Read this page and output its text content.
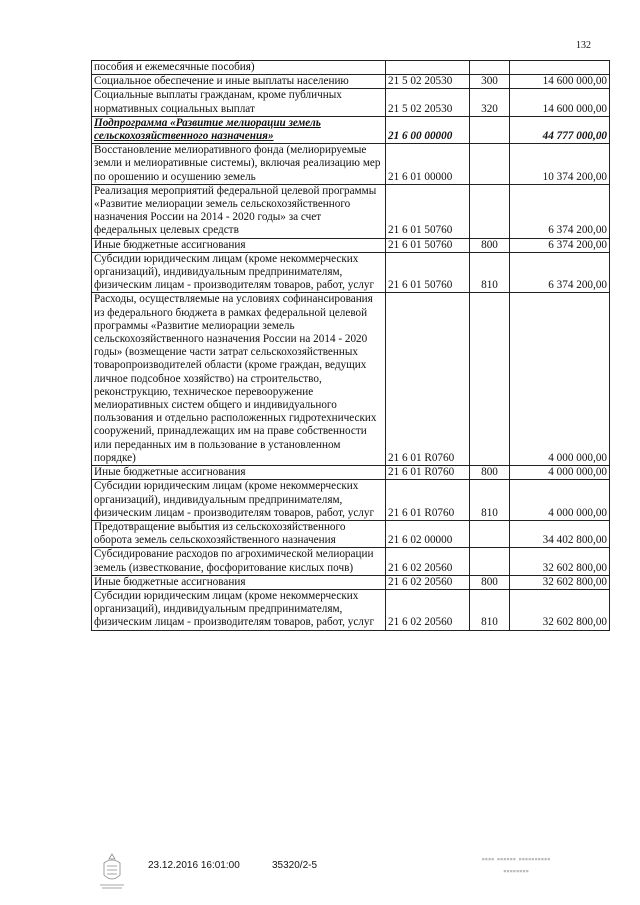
132
пособия и ежемесячные пособия)			
Социальное обеспечение и иные выплаты населению	21 5 02 20530	300	14 600 000,00
Социальные выплаты гражданам, кроме публичных нормативных социальных выплат	21 5 02 20530	320	14 600 000,00
Подпрограмма «Развитие мелиорации земель сельскохозяйственного назначения»	21 6 00 00000		44 777 000,00
Восстановление мелиоративного фонда (мелиорируемые земли и мелиоративные системы), включая реализацию мер по орошению и осушению земель	21 6 01 00000		10 374 200,00
Реализация мероприятий федеральной целевой программы «Развитие мелиорации земель сельскохозяйственного назначения России на 2014 - 2020 годы» за счет федеральных целевых средств	21 6 01 50760		6 374 200,00
Иные бюджетные ассигнования	21 6 01 50760	800	6 374 200,00
Субсидии юридическим лицам (кроме некоммерческих организаций), индивидуальным предпринимателям, физическим лицам - производителям товаров, работ, услуг	21 6 01 50760	810	6 374 200,00
Расходы, осуществляемые на условиях софинансирования из федерального бюджета в рамках федеральной целевой программы «Развитие мелиорации земель сельскохозяйственного назначения России на 2014 - 2020 годы» (возмещение части затрат сельскохозяйственных товаропроизводителей области (кроме граждан, ведущих личное подсобное хозяйство) на строительство, реконструкцию, техническое перевооружение мелиоративных систем общего и индивидуального пользования и отдельно расположенных гидротехнических сооружений, принадлежащих им на праве собственности или переданных им в пользование в установленном порядке)	21 6 01 R0760		4 000 000,00
Иные бюджетные ассигнования	21 6 01 R0760	800	4 000 000,00
Субсидии юридическим лицам (кроме некоммерческих организаций), индивидуальным предпринимателям, физическим лицам - производителям товаров, работ, услуг	21 6 01 R0760	810	4 000 000,00
Предотвращение выбытия из сельскохозяйственного оборота земель сельскохозяйственного назначения	21 6 02 00000		34 402 800,00
Субсидирование расходов по агрохимической мелиорации земель (известкование, фосфоритование кислых почв)	21 6 02 20560		32 602 800,00
Иные бюджетные ассигнования	21 6 02 20560	800	32 602 800,00
Субсидии юридическим лицам (кроме некоммерческих организаций), индивидуальным предпринимателям, физическим лицам - производителям товаров, работ, услуг	21 6 02 20560	810	32 602 800,00
23.12.2016 16:01:00	35320/2-5
▪▪▪▪ ▪▪▪▪▪▪ ▪▪▪▪▪▪▪▪▪▪
▪▪▪▪▪▪▪▪
